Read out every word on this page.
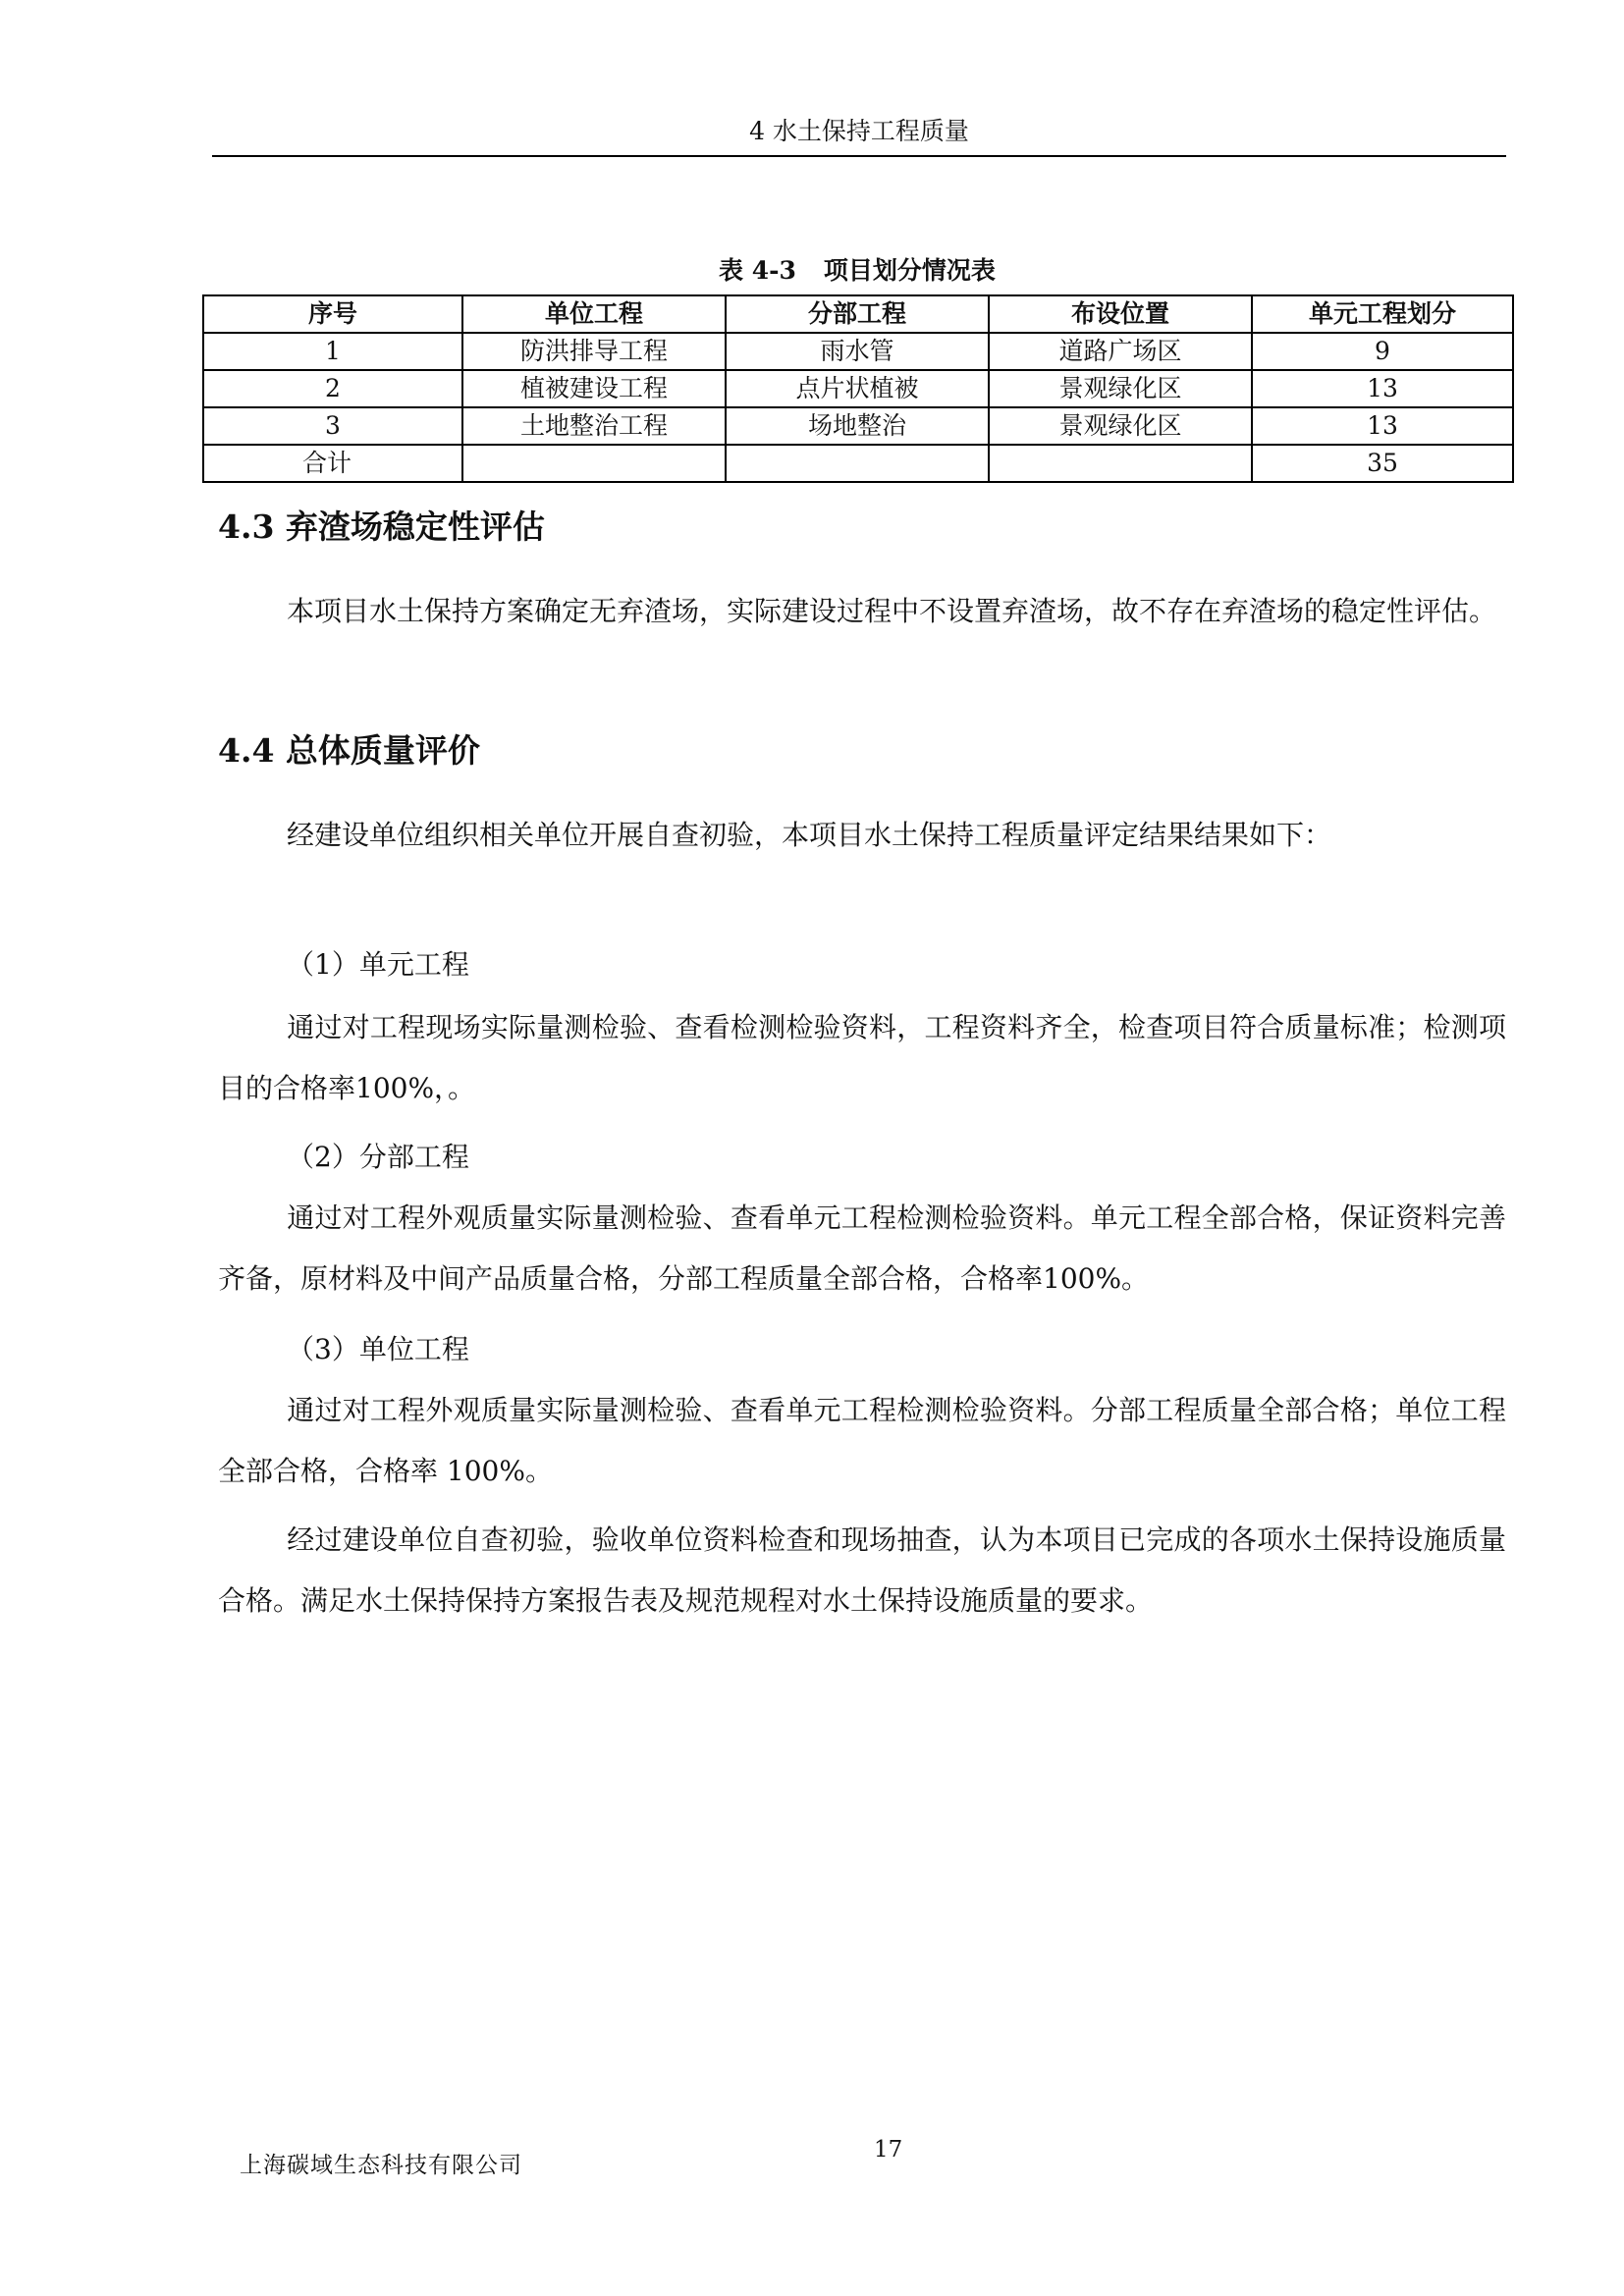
4 水土保持工程质量
表 4-3 项目划分情况表
序号	单位工程	分部工程	布设位置	单元工程划分
1	防洪排导工程	雨水管	道路广场区	9
2	植被建设工程	点片状植被	景观绿化区	13
3	土地整治工程	场地整治	景观绿化区	13
合计				35
4.3 弃渣场稳定性评估

本项目水土保持方案确定无弃渣场，实际建设过程中不设置弃渣场，故不存在弃渣场的稳定性评估。

4.4 总体质量评价

经建设单位组织相关单位开展自查初验，本项目水土保持工程质量评定结果结果如下：

（1）单元工程

通过对工程现场实际量测检验、查看检测检验资料，工程资料齐全，检查项目符合质量标准；检测项目的合格率100%，。

（2）分部工程

通过对工程外观质量实际量测检验、查看单元工程检测检验资料。单元工程全部合格，保证资料完善齐备，原材料及中间产品质量合格，分部工程质量全部合格，合格率100%。

（3）单位工程

通过对工程外观质量实际量测检验、查看单元工程检测检验资料。分部工程质量全部合格；单位工程全部合格，合格率 100%。

经过建设单位自查初验，验收单位资料检查和现场抽查，认为本项目已完成的各项水土保持设施质量合格。满足水土保持保持方案报告表及规范规程对水土保持设施质量的要求。

上海碳域生态科技有限公司
17
